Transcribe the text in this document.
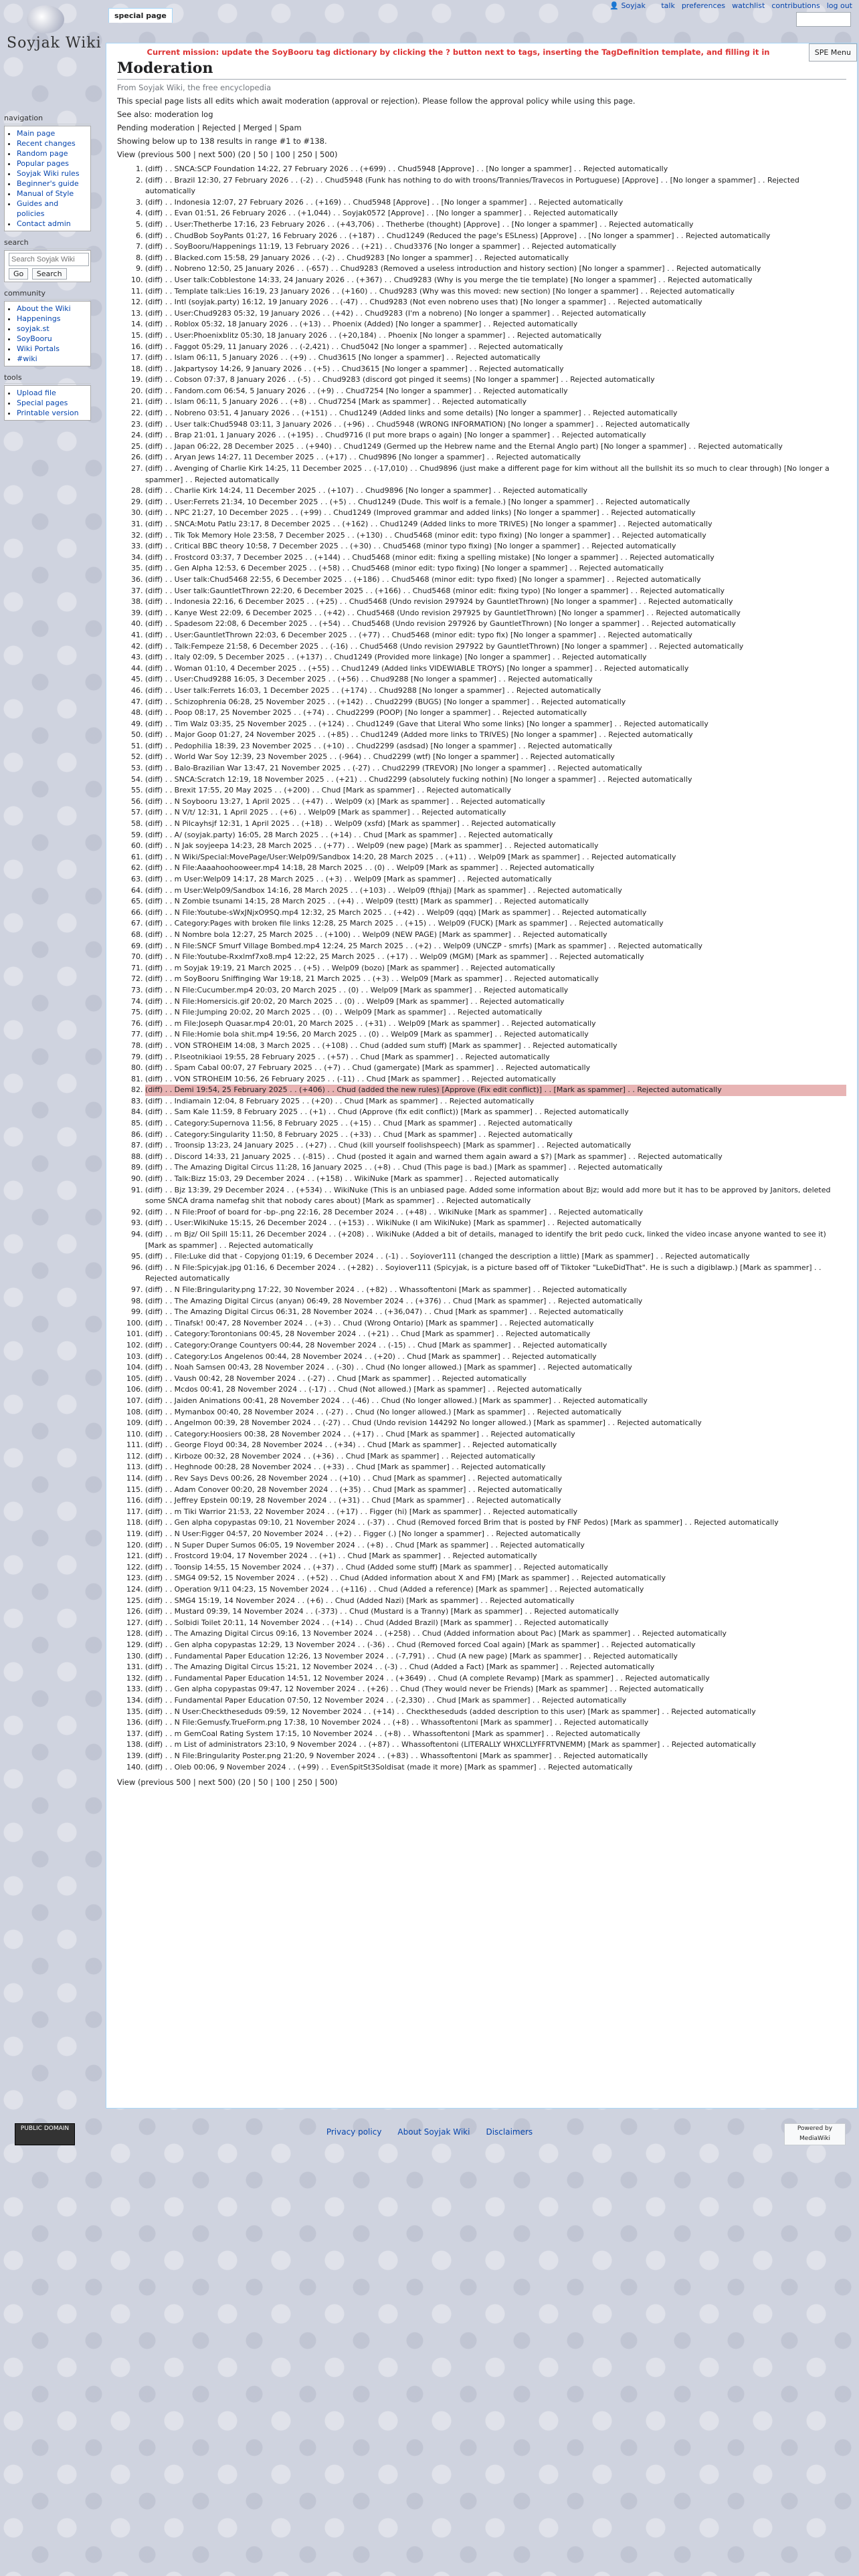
Soyjak Wiki
👤 Soyjak talk preferences watchlist contributions log out
special page
navigation
• Main page
• Recent changes
• Random page
• Popular pages
• Soyjak Wiki rules
• Beginner's guide
• Manual of Style
• Guides and policies
• Contact admin
search
Search Soyjak Wiki Go Search
community
• About the Wiki
• Happenings
• soyjak.st
• SoyBooru
• Wiki Portals
• #wiki
tools
• Upload file
• Special pages
• Printable version
Current mission: update the SoyBooru tag dictionary by clicking the ? button next to tags, inserting the TagDefinition template, and filling it in	SPE Menu
Moderation
From Soyjak Wiki, the free encyclopedia

This special page lists all edits which await moderation (approval or rejection). Please follow the approval policy while using this page.

See also: moderation log

Pending moderation | Rejected | Merged | Spam

Showing below up to 138 results in range #1 to #138.

View (previous 500 | next 500) (20 | 50 | 100 | 250 | 500)

1. (diff) . . SNCA:SCP Foundation 14:22, 27 February 2026 . . (+699) . . Chud5948 [Approve] . . [No longer a spammer] . . Rejected automatically
2. (diff) . . Brazil 12:30, 27 February 2026 . . (-2) . . Chud5948 (Funk has nothing to do with troons/Trannies/Travecos in Portuguese) [Approve] . . [No longer a spammer] . . Rejected automatically
3. (diff) . . Indonesia 12:07, 27 February 2026 . . (+169) . . Chud5948 [Approve] . . [No longer a spammer] . . Rejected automatically
4. (diff) . . Evan 01:51, 26 February 2026 . . (+1,044) . . Soyjak0572 [Approve] . . [No longer a spammer] . . Rejected automatically
5. (diff) . . User:Thetherbe 17:16, 23 February 2026 . . (+43,706) . . Thetherbe (thought) [Approve] . . [No longer a spammer] . . Rejected automatically
6. (diff) . . ChudBob SoyPants 01:27, 16 February 2026 . . (+187) . . Chud1249 (Reduced the page's ESLness) [Approve] . . [No longer a spammer] . . Rejected automatically
7. (diff) . . SoyBooru/Happenings 11:19, 13 February 2026 . . (+21) . . Chud3376 [No longer a spammer] . . Rejected automatically
8. (diff) . . Blacked.com 15:58, 29 January 2026 . . (-2) . . Chud9283 [No longer a spammer] . . Rejected automatically
9. (diff) . . Nobreno 12:50, 25 January 2026 . . (-657) . . Chud9283 (Removed a useless introduction and history section) [No longer a spammer] . . Rejected automatically
10. (diff) . . User talk:Cobblestone 14:33, 24 January 2026 . . (+367) . . Chud9283 (Why is you merge the tie template) [No longer a spammer] . . Rejected automatically
11. (diff) . . Template talk:Lies 16:19, 23 January 2026 . . (+160) . . Chud9283 (Why was this moved: new section) [No longer a spammer] . . Rejected automatically
12. (diff) . . Intl (soyjak.party) 16:12, 19 January 2026 . . (-47) . . Chud9283 (Not even nobreno uses that) [No longer a spammer] . . Rejected automatically
13. (diff) . . User:Chud9283 05:32, 19 January 2026 . . (+42) . . Chud9283 (I'm a nobreno) [No longer a spammer] . . Rejected automatically
14. (diff) . . Roblox 05:32, 18 January 2026 . . (+13) . . Phoenix (Added) [No longer a spammer] . . Rejected automatically
15. (diff) . . User:Phoenixblitz 05:30, 18 January 2026 . . (+20,184) . . Phoenix [No longer a spammer] . . Rejected automatically
16. (diff) . . Faggot 05:29, 11 January 2026 . . (-2,421) . . Chud5042 [No longer a spammer] . . Rejected automatically
17. (diff) . . Islam 06:11, 5 January 2026 . . (+9) . . Chud3615 [No longer a spammer] . . Rejected automatically
18. (diff) . . Jakpartysoy 14:26, 9 January 2026 . . (+5) . . Chud3615 [No longer a spammer] . . Rejected automatically
19. (diff) . . Cobson 07:37, 8 January 2026 . . (-5) . . Chud9283 (discord got pinged it seems) [No longer a spammer] . . Rejected automatically
20. (diff) . . Fandom.com 06:54, 5 January 2026 . . (+9) . . Chud7254 [No longer a spammer] . . Rejected automatically
21. (diff) . . Islam 06:11, 5 January 2026 . . (+8) . . Chud7254 [Mark as spammer] . . Rejected automatically
22. (diff) . . Nobreno 03:51, 4 January 2026 . . (+151) . . Chud1249 (Added links and some details) [No longer a spammer] . . Rejected automatically
23. (diff) . . User talk:Chud5948 03:11, 3 January 2026 . . (+96) . . Chud5948 (WRONG INFORMATION) [No longer a spammer] . . Rejected automatically
24. (diff) . . Brap 21:01, 1 January 2026 . . (+195) . . Chud9716 (I put more braps o again) [No longer a spammer] . . Rejected automatically
25. (diff) . . Japan 06:22, 28 December 2025 . . (+940) . . Chud1249 (Germed up the Hebrew name and the Eternal Anglo part) [No longer a spammer] . . Rejected automatically
26. (diff) . . Aryan Jews 14:27, 11 December 2025 . . (+17) . . Chud9896 [No longer a spammer] . . Rejected automatically
27. (diff) . . Avenging of Charlie Kirk 14:25, 11 December 2025 . . (-17,010) . . Chud9896 (just make a different page for kim without all the bullshit its so much to clear through) [No longer a spammer] . . Rejected automatically
28. (diff) . . Charlie Kirk 14:24, 11 December 2025 . . (+107) . . Chud9896 [No longer a spammer] . . Rejected automatically
29. (diff) . . User:Ferrets 21:34, 10 December 2025 . . (+5) . . Chud1249 (Dude. This wolf is a female.) [No longer a spammer] . . Rejected automatically
30. (diff) . . NPC 21:27, 10 December 2025 . . (+99) . . Chud1249 (Improved grammar and added links) [No longer a spammer] . . Rejected automatically
31. (diff) . . SNCA:Motu Patlu 23:17, 8 December 2025 . . (+162) . . Chud1249 (Added links to more TRIVES) [No longer a spammer] . . Rejected automatically
32. (diff) . . Tik Tok Memory Hole 23:58, 7 December 2025 . . (+130) . . Chud5468 (minor edit: typo fixing) [No longer a spammer] . . Rejected automatically
33. (diff) . . Critical BBC theory 10:58, 7 December 2025 . . (+30) . . Chud5468 (minor typo fixing) [No longer a spammer] . . Rejected automatically
34. (diff) . . Frostcord 03:37, 7 December 2025 . . (+144) . . Chud5468 (minor edit: fixing a spelling mistake) [No longer a spammer] . . Rejected automatically
35. (diff) . . Gen Alpha 12:53, 6 December 2025 . . (+58) . . Chud5468 (minor edit: typo fixing) [No longer a spammer] . . Rejected automatically
36. (diff) . . User talk:Chud5468 22:55, 6 December 2025 . . (+186) . . Chud5468 (minor edit: typo fixed) [No longer a spammer] . . Rejected automatically
37. (diff) . . User talk:GauntletThrown 22:20, 6 December 2025 . . (+166) . . Chud5468 (minor edit: fixing typo) [No longer a spammer] . . Rejected automatically
38. (diff) . . Indonesia 22:16, 6 December 2025 . . (+25) . . Chud5468 (Undo revision 297924 by GauntletThrown) [No longer a spammer] . . Rejected automatically
39. (diff) . . Kanye West 22:09, 6 December 2025 . . (+42) . . Chud5468 (Undo revision 297925 by GauntletThrown) [No longer a spammer] . . Rejected automatically
40. (diff) . . Spadesom 22:08, 6 December 2025 . . (+54) . . Chud5468 (Undo revision 297926 by GauntletThrown) [No longer a spammer] . . Rejected automatically
41. (diff) . . User:GauntletThrown 22:03, 6 December 2025 . . (+77) . . Chud5468 (minor edit: typo fix) [No longer a spammer] . . Rejected automatically
42. (diff) . . Talk:Fempeze 21:58, 6 December 2025 . . (-16) . . Chud5468 (Undo revision 297922 by GauntletThrown) [No longer a spammer] . . Rejected automatically
43. (diff) . . Italy 02:09, 5 December 2025 . . (+137) . . Chud1249 (Provided more linkage) [No longer a spammer] . . Rejected automatically
44. (diff) . . Woman 01:10, 4 December 2025 . . (+55) . . Chud1249 (Added links VIDEWIABLE TROYS) [No longer a spammer] . . Rejected automatically
45. (diff) . . User:Chud9288 16:05, 3 December 2025 . . (+56) . . Chud9288 [No longer a spammer] . . Rejected automatically
46. (diff) . . User talk:Ferrets 16:03, 1 December 2025 . . (+174) . . Chud9288 [No longer a spammer] . . Rejected automatically
47. (diff) . . Schizophrenia 06:28, 25 November 2025 . . (+142) . . Chud2299 (BUGS) [No longer a spammer] . . Rejected automatically
48. (diff) . . Poop 08:17, 25 November 2025 . . (+74) . . Chud2299 (POOP) [No longer a spammer] . . Rejected automatically
49. (diff) . . Tim Walz 03:35, 25 November 2025 . . (+124) . . Chud1249 (Gave that Literal Who some links) [No longer a spammer] . . Rejected automatically
50. (diff) . . Major Goop 01:27, 24 November 2025 . . (+85) . . Chud1249 (Added more links to TRIVES) [No longer a spammer] . . Rejected automatically
51. (diff) . . Pedophilia 18:39, 23 November 2025 . . (+10) . . Chud2299 (asdsad) [No longer a spammer] . . Rejected automatically
52. (diff) . . World War Soy 12:39, 23 November 2025 . . (-964) . . Chud2299 (wtf) [No longer a spammer] . . Rejected automatically
53. (diff) . . Balo-Brazilian War 13:47, 21 November 2025 . . (-27) . . Chud2299 (TREVOR) [No longer a spammer] . . Rejected automatically
54. (diff) . . SNCA:Scratch 12:19, 18 November 2025 . . (+21) . . Chud2299 (absolutely fucking nothin) [No longer a spammer] . . Rejected automatically
55. (diff) . . Brexit 17:55, 20 May 2025 . . (+200) . . Chud [Mark as spammer] . . Rejected automatically
56. (diff) . . N Soybooru 13:27, 1 April 2025 . . (+47) . . Welp09 (x) [Mark as spammer] . . Rejected automatically
57. (diff) . . N V/t/ 12:31, 1 April 2025 . . (+6) . . Welp09 [Mark as spammer] . . Rejected automatically
58. (diff) . . N Pilcayhsjf 12:31, 1 April 2025 . . (+18) . . Welp09 (xsfd) [Mark as spammer] . . Rejected automatically
59. (diff) . . A/ (soyjak.party) 16:05, 28 March 2025 . . (+14) . . Chud [Mark as spammer] . . Rejected automatically
60. (diff) . . N Jak soyjeepa 14:23, 28 March 2025 . . (+77) . . Welp09 (new page) [Mark as spammer] . . Rejected automatically
61. (diff) . . N Wiki/Special:MovePage/User:Welp09/Sandbox 14:20, 28 March 2025 . . (+11) . . Welp09 [Mark as spammer] . . Rejected automatically
62. (diff) . . N File:Aaaahoohooweer.mp4 14:18, 28 March 2025 . . (0) . . Welp09 [Mark as spammer] . . Rejected automatically
63. (diff) . . m User:Welp09 14:17, 28 March 2025 . . (+3) . . Welp09 [Mark as spammer] . . Rejected automatically
64. (diff) . . m User:Welp09/Sandbox 14:16, 28 March 2025 . . (+103) . . Welp09 (fthjaj) [Mark as spammer] . . Rejected automatically
65. (diff) . . N Zombie tsunami 14:15, 28 March 2025 . . (+4) . . Welp09 (testt) [Mark as spammer] . . Rejected automatically
66. (diff) . . N File:Youtube-sWxJNjxO9SQ.mp4 12:32, 25 March 2025 . . (+42) . . Welp09 (qqq) [Mark as spammer] . . Rejected automatically
67. (diff) . . Category:Pages with broken file links 12:28, 25 March 2025 . . (+15) . . Welp09 (FUCK) [Mark as spammer] . . Rejected automatically
68. (diff) . . N Nombre bola 12:27, 25 March 2025 . . (+100) . . Welp09 (NEW PAGE) [Mark as spammer] . . Rejected automatically
69. (diff) . . N File:SNCF Smurf Village Bombed.mp4 12:24, 25 March 2025 . . (+2) . . Welp09 (UNCZP - smrfs) [Mark as spammer] . . Rejected automatically
70. (diff) . . N File:Youtube-Rxxlmf7xo8.mp4 12:22, 25 March 2025 . . (+17) . . Welp09 (MGM) [Mark as spammer] . . Rejected automatically
71. (diff) . . m Soyjak 19:19, 21 March 2025 . . (+5) . . Welp09 (bozo) [Mark as spammer] . . Rejected automatically
72. (diff) . . m SoyBooru Sniffinging War 19:18, 21 March 2025 . . (+3) . . Welp09 [Mark as spammer] . . Rejected automatically
73. (diff) . . N File:Cucumber.mp4 20:03, 20 March 2025 . . (0) . . Welp09 [Mark as spammer] . . Rejected automatically
74. (diff) . . N File:Homersicis.gif 20:02, 20 March 2025 . . (0) . . Welp09 [Mark as spammer] . . Rejected automatically
75. (diff) . . N File:Jumping 20:02, 20 March 2025 . . (0) . . Welp09 [Mark as spammer] . . Rejected automatically
76. (diff) . . m File:Joseph Quasar.mp4 20:01, 20 March 2025 . . (+31) . . Welp09 [Mark as spammer] . . Rejected automatically
77. (diff) . . N File:Homie bola shit.mp4 19:56, 20 March 2025 . . (0) . . Welp09 [Mark as spammer] . . Rejected automatically
78. (diff) . . VON STROHEIM 14:08, 3 March 2025 . . (+108) . . Chud (added sum stuff) [Mark as spammer] . . Rejected automatically
79. (diff) . . P.Iseotnikiaoi 19:55, 28 February 2025 . . (+57) . . Chud [Mark as spammer] . . Rejected automatically
80. (diff) . . Spam Cabal 00:07, 27 February 2025 . . (+7) . . Chud (gamergate) [Mark as spammer] . . Rejected automatically
81. (diff) . . VON STROHEIM 10:56, 26 February 2025 . . (-11) . . Chud [Mark as spammer] . . Rejected automatically
82. (diff) . . Demi 19:54, 25 February 2025 . . (+406) . . Chud (added the new rules) [Approve (Fix edit conflict)] . . [Mark as spammer] . . Rejected automatically
83. (diff) . . Indiamain 12:04, 8 February 2025 . . (+20) . . Chud [Mark as spammer] . . Rejected automatically
84. (diff) . . Sam Kale 11:59, 8 February 2025 . . (+1) . . Chud (Approve (fix edit conflict)) [Mark as spammer] . . Rejected automatically
85. (diff) . . Category:Supernova 11:56, 8 February 2025 . . (+15) . . Chud [Mark as spammer] . . Rejected automatically
86. (diff) . . Category:Singularity 11:50, 8 February 2025 . . (+33) . . Chud [Mark as spammer] . . Rejected automatically
87. (diff) . . Troonsip 13:23, 24 January 2025 . . (+27) . . Chud (kill yourself foolishspeech) [Mark as spammer] . . Rejected automatically
88. (diff) . . Discord 14:33, 21 January 2025 . . (-815) . . Chud (posted it again and warned them again award a $?) [Mark as spammer] . . Rejected automatically
89. (diff) . . The Amazing Digital Circus 11:28, 16 January 2025 . . (+8) . . Chud (This page is bad.) [Mark as spammer] . . Rejected automatically
90. (diff) . . Talk:Bizz 15:03, 29 December 2024 . . (+158) . . WikiNuke [Mark as spammer] . . Rejected automatically
91. (diff) . . Bjz 13:39, 29 December 2024 . . (+534) . . WikiNuke (This is an unbiased page. Added some information about Bjz; would add more but it has to be approved by Janitors, deleted some SNCA drama namefag shit that nobody cares about) [Mark as spammer] . . Rejected automatically
92. (diff) . . N File:Proof of board for -bp-.png 22:16, 28 December 2024 . . (+48) . . WikiNuke [Mark as spammer] . . Rejected automatically
93. (diff) . . User:WikiNuke 15:15, 26 December 2024 . . (+153) . . WikiNuke (I am WikiNuke) [Mark as spammer] . . Rejected automatically
94. (diff) . . m Bjz/ Oil Spill 15:11, 26 December 2024 . . (+208) . . WikiNuke (Added a bit of details, managed to identify the brit pedo cuck, linked the video incase anyone wanted to see it) [Mark as spammer] . . Rejected automatically
95. (diff) . . File:Luke did that - Copyjong 01:19, 6 December 2024 . . (-1) . . Soyiover111 (changed the description a little) [Mark as spammer] . . Rejected automatically
96. (diff) . . N File:Spicyjak.jpg 01:16, 6 December 2024 . . (+282) . . Soyiover111 (Spicyjak, is a picture based off of Tiktoker "LukeDidThat". He is such a digiblawp.) [Mark as spammer] . . Rejected automatically
97. (diff) . . N File:Bringularity.png 17:22, 30 November 2024 . . (+82) . . Whassoftentoni [Mark as spammer] . . Rejected automatically
98. (diff) . . The Amazing Digital Circus (anyan) 06:49, 28 November 2024 . . (+376) . . Chud [Mark as spammer] . . Rejected automatically
99. (diff) . . The Amazing Digital Circus 06:31, 28 November 2024 . . (+36,047) . . Chud [Mark as spammer] . . Rejected automatically
100. (diff) . . Tinafsk! 00:47, 28 November 2024 . . (+3) . . Chud (Wrong Ontario) [Mark as spammer] . . Rejected automatically
101. (diff) . . Category:Torontonians 00:45, 28 November 2024 . . (+21) . . Chud [Mark as spammer] . . Rejected automatically
102. (diff) . . Category:Orange Countyers 00:44, 28 November 2024 . . (-15) . . Chud [Mark as spammer] . . Rejected automatically
103. (diff) . . Category:Los Angelenos 00:44, 28 November 2024 . . (+20) . . Chud [Mark as spammer] . . Rejected automatically
104. (diff) . . Noah Samsen 00:43, 28 November 2024 . . (-30) . . Chud (No longer allowed.) [Mark as spammer] . . Rejected automatically
105. (diff) . . Vaush 00:42, 28 November 2024 . . (-27) . . Chud [Mark as spammer] . . Rejected automatically
106. (diff) . . Mcdos 00:41, 28 November 2024 . . (-17) . . Chud (Not allowed.) [Mark as spammer] . . Rejected automatically
107. (diff) . . Jaiden Animations 00:41, 28 November 2024 . . (-46) . . Chud (No longer allowed.) [Mark as spammer] . . Rejected automatically
108. (diff) . . Mymanbox 00:40, 28 November 2024 . . (-27) . . Chud (No longer allowed.) [Mark as spammer] . . Rejected automatically
109. (diff) . . Angelmon 00:39, 28 November 2024 . . (-27) . . Chud (Undo revision 144292 No longer allowed.) [Mark as spammer] . . Rejected automatically
110. (diff) . . Category:Hoosiers 00:38, 28 November 2024 . . (+17) . . Chud [Mark as spammer] . . Rejected automatically
111. (diff) . . George Floyd 00:34, 28 November 2024 . . (+34) . . Chud [Mark as spammer] . . Rejected automatically
112. (diff) . . Kirboze 00:32, 28 November 2024 . . (+36) . . Chud [Mark as spammer] . . Rejected automatically
113. (diff) . . Heghnode 00:28, 28 November 2024 . . (+33) . . Chud [Mark as spammer] . . Rejected automatically
114. (diff) . . Rev Says Devs 00:26, 28 November 2024 . . (+10) . . Chud [Mark as spammer] . . Rejected automatically
115. (diff) . . Adam Conover 00:20, 28 November 2024 . . (+35) . . Chud [Mark as spammer] . . Rejected automatically
116. (diff) . . Jeffrey Epstein 00:19, 28 November 2024 . . (+31) . . Chud [Mark as spammer] . . Rejected automatically
117. (diff) . . m Tiki Warrior 21:53, 22 November 2024 . . (+17) . . Figger (hi) [Mark as spammer] . . Rejected automatically
118. (diff) . . Gen alpha copypastas 09:10, 21 November 2024 . . (-37) . . Chud (Removed forced Brim that is posted by FNF Pedos) [Mark as spammer] . . Rejected automatically
119. (diff) . . N User:Figger 04:57, 20 November 2024 . . (+2) . . Figger (.) [No longer a spammer] . . Rejected automatically
120. (diff) . . N Super Duper Sumos 06:05, 19 November 2024 . . (+8) . . Chud [Mark as spammer] . . Rejected automatically
121. (diff) . . Frostcord 19:04, 17 November 2024 . . (+1) . . Chud [Mark as spammer] . . Rejected automatically
122. (diff) . . Toonsip 14:55, 15 November 2024 . . (+37) . . Chud (Added some stuff) [Mark as spammer] . . Rejected automatically
123. (diff) . . SMG4 09:52, 15 November 2024 . . (+52) . . Chud (Added information about X and FM) [Mark as spammer] . . Rejected automatically
124. (diff) . . Operation 9/11 04:23, 15 November 2024 . . (+116) . . Chud (Added a reference) [Mark as spammer] . . Rejected automatically
125. (diff) . . SMG4 15:19, 14 November 2024 . . (+6) . . Chud (Added Nazi) [Mark as spammer] . . Rejected automatically
126. (diff) . . Mustard 09:39, 14 November 2024 . . (-373) . . Chud (Mustard is a Tranny) [Mark as spammer] . . Rejected automatically
127. (diff) . . Solbidi Toilet 20:11, 14 November 2024 . . (+14) . . Chud (Added Brazil) [Mark as spammer] . . Rejected automatically
128. (diff) . . The Amazing Digital Circus 09:16, 13 November 2024 . . (+258) . . Chud (Added information about Pac) [Mark as spammer] . . Rejected automatically
129. (diff) . . Gen alpha copypastas 12:29, 13 November 2024 . . (-36) . . Chud (Removed forced Coal again) [Mark as spammer] . . Rejected automatically
130. (diff) . . Fundamental Paper Education 12:26, 13 November 2024 . . (-7,791) . . Chud (A new page) [Mark as spammer] . . Rejected automatically
131. (diff) . . The Amazing Digital Circus 15:21, 12 November 2024 . . (-3) . . Chud (Added a Fact) [Mark as spammer] . . Rejected automatically
132. (diff) . . Fundamental Paper Education 14:51, 12 November 2024 . . (+3649) . . Chud (A complete Revamp) [Mark as spammer] . . Rejected automatically
133. (diff) . . Gen alpha copypastas 09:47, 12 November 2024 . . (+26) . . Chud (They would never be Friends) [Mark as spammer] . . Rejected automatically
134. (diff) . . Fundamental Paper Education 07:50, 12 November 2024 . . (-2,330) . . Chud [Mark as spammer] . . Rejected automatically
135. (diff) . . N User:Checktheseduds 09:59, 12 November 2024 . . (+14) . . Checktheseduds (added description to this user) [Mark as spammer] . . Rejected automatically
136. (diff) . . N File:Gemusfy.TrueForm.png 17:38, 10 November 2024 . . (+8) . . Whassoftentoni [Mark as spammer] . . Rejected automatically
137. (diff) . . m GemCoal Rating System 17:15, 10 November 2024 . . (+8) . . Whassoftentoni [Mark as spammer] . . Rejected automatically
138. (diff) . . m List of administrators 23:10, 9 November 2024 . . (+87) . . Whassoftentoni (LITERALLY WHXCLLYFFRTVNEMM) [Mark as spammer] . . Rejected automatically
139. (diff) . . N File:Bringularity Poster.png 21:20, 9 November 2024 . . (+83) . . Whassoftentoni [Mark as spammer] . . Rejected automatically
140. (diff) . . Oleb 00:06, 9 November 2024 . . (+99) . . EvenSpitSt3Soldisat (made it more) [Mark as spammer] . . Rejected automatically

View (previous 500 | next 500) (20 | 50 | 100 | 250 | 500)

PUBLIC DOMAIN	Privacy policy About Soyjak Wiki Disclaimers	Powered by MediaWiki
